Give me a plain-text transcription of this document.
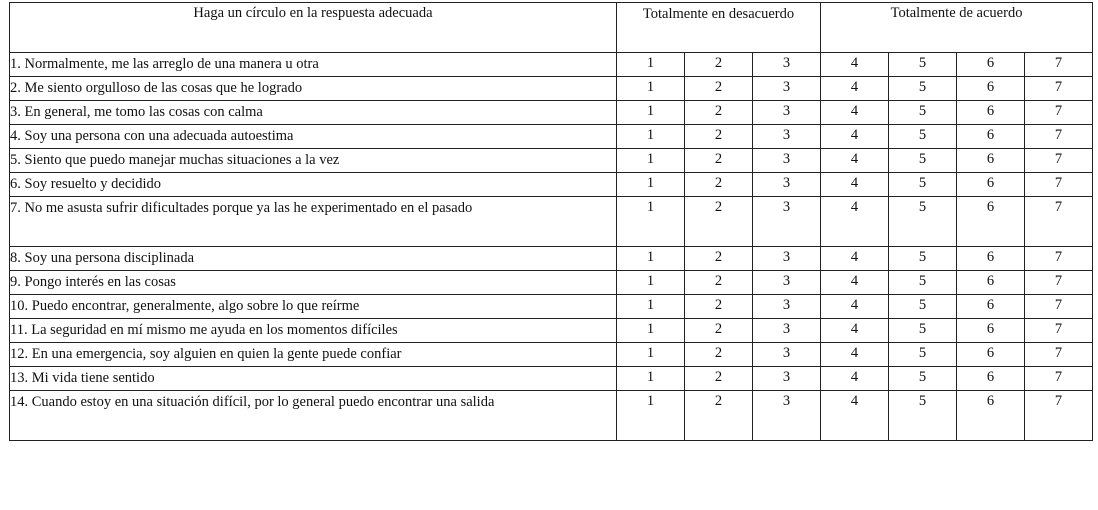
Haga un círculo en la respuesta adecuada	Totalmente en desacuerdo			Totalmente de acuerdo			
1. Normalmente, me las arreglo de una manera u otra	1	2	3	4	5	6	7
2. Me siento orgulloso de las cosas que he logrado	1	2	3	4	5	6	7
3. En general, me tomo las cosas con calma	1	2	3	4	5	6	7
4. Soy una persona con una adecuada autoestima	1	2	3	4	5	6	7
5. Siento que puedo manejar muchas situaciones a la vez	1	2	3	4	5	6	7
6. Soy resuelto y decidido	1	2	3	4	5	6	7
7. No me asusta sufrir dificultades porque ya las he experimentado en el pasado	1	2	3	4	5	6	7
8. Soy una persona disciplinada	1	2	3	4	5	6	7
9. Pongo interés en las cosas	1	2	3	4	5	6	7
10. Puedo encontrar, generalmente, algo sobre lo que reírme	1	2	3	4	5	6	7
11. La seguridad en mí mismo me ayuda en los momentos difíciles	1	2	3	4	5	6	7
12. En una emergencia, soy alguien en quien la gente puede confiar	1	2	3	4	5	6	7
13. Mi vida tiene sentido	1	2	3	4	5	6	7
14. Cuando estoy en una situación difícil, por lo general puedo encontrar una salida	1	2	3	4	5	6	7
